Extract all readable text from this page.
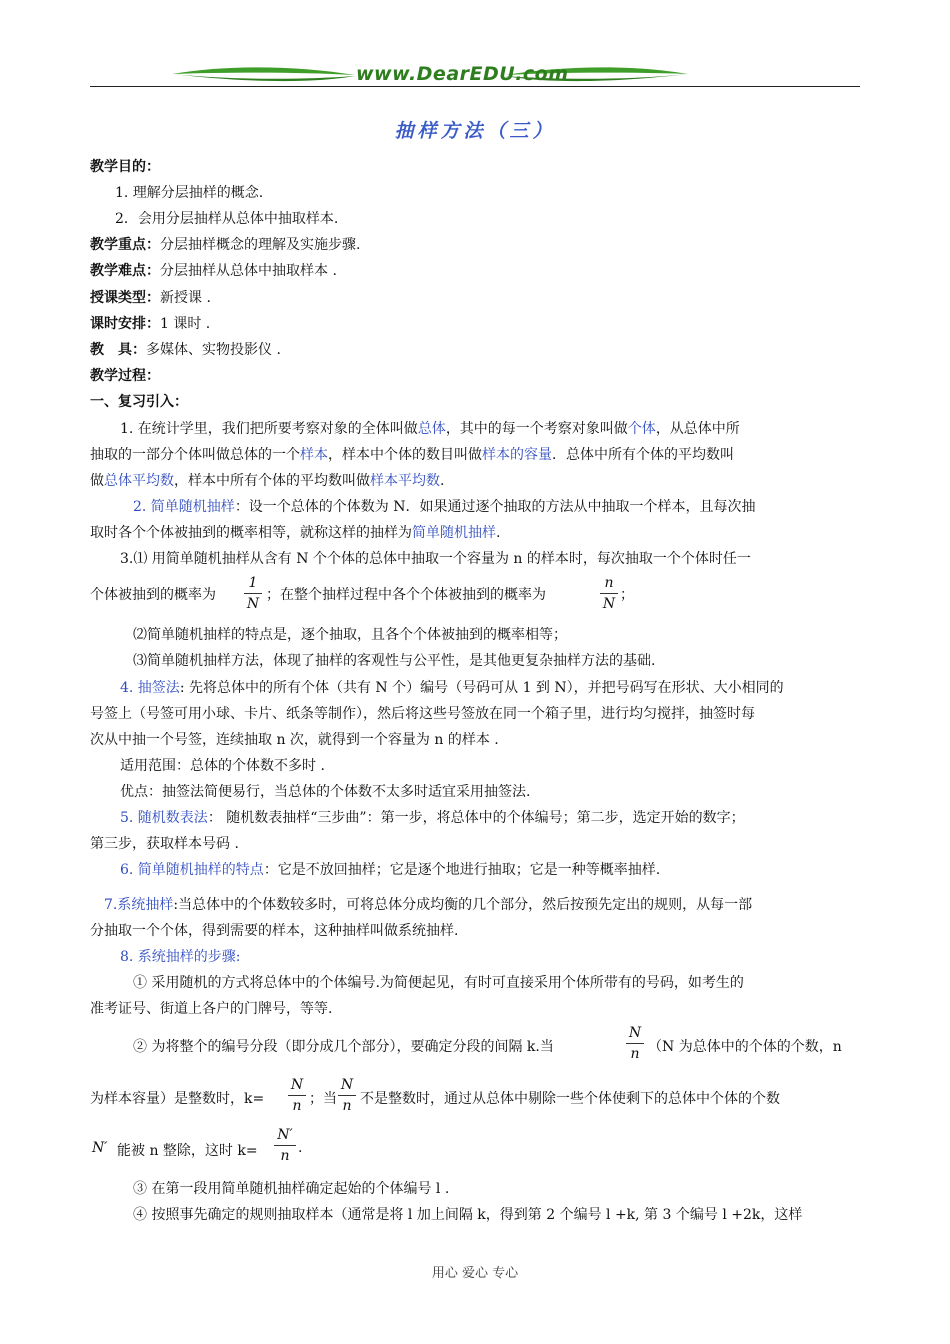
www.DearEDU.com
抽样方法（三）
教学目的：
1. 理解分层抽样的概念.
2．会用分层抽样从总体中抽取样本.
教学重点：分层抽样概念的理解及实施步骤.
教学难点：分层抽样从总体中抽取样本 .
授课类型：新授课 .
课时安排：1 课时 .
教　具：多媒体、实物投影仪 .
教学过程：
一、复习引入：
1. 在统计学里，我们把所要考察对象的全体叫做总体，其中的每一个考察对象叫做个体，从总体中所
抽取的一部分个体叫做总体的一个样本，样本中个体的数目叫做样本的容量．总体中所有个体的平均数叫
做总体平均数，样本中所有个体的平均数叫做样本平均数.
2. 简单随机抽样：设一个总体的个体数为 N．如果通过逐个抽取的方法从中抽取一个样本，且每次抽
取时各个个体被抽到的概率相等，就称这样的抽样为简单随机抽样.
3.⑴ 用简单随机抽样从含有 N 个个体的总体中抽取一个容量为 n 的样本时，每次抽取一个个体时任一
个体被抽到的概率为
1
N
；在整个抽样过程中各个个体被抽到的概率为
n
N
；
⑵简单随机抽样的特点是，逐个抽取，且各个个体被抽到的概率相等；
⑶简单随机抽样方法，体现了抽样的客观性与公平性，是其他更复杂抽样方法的基础.
4. 抽签法: 先将总体中的所有个体（共有 N 个）编号（号码可从 1 到 N），并把号码写在形状、大小相同的
号签上（号签可用小球、卡片、纸条等制作），然后将这些号签放在同一个箱子里，进行均匀搅拌，抽签时每
次从中抽一个号签，连续抽取 n 次，就得到一个容量为 n 的样本 .
适用范围：总体的个体数不多时 .
优点：抽签法简便易行，当总体的个体数不太多时适宜采用抽签法.
5. 随机数表法： 随机数表抽样“三步曲”：第一步，将总体中的个体编号；第二步，选定开始的数字；
第三步，获取样本号码 .
6. 简单随机抽样的特点：它是不放回抽样；它是逐个地进行抽取；它是一种等概率抽样.
7.系统抽样:当总体中的个体数较多时，可将总体分成均衡的几个部分，然后按预先定出的规则，从每一部
分抽取一个个体，得到需要的样本，这种抽样叫做系统抽样.
8. 系统抽样的步骤:
① 采用随机的方式将总体中的个体编号.为简便起见，有时可直接采用个体所带有的号码，如考生的
准考证号、街道上各户的门牌号，等等.
② 为将整个的编号分段（即分成几个部分），要确定分段的间隔 k.当
N
n （N 为总体中的个体的个数，n
为样本容量）是整数时，k=
N
n ；当
N
n 不是整数时，通过从总体中剔除一些个体使剩下的总体中个体的个数
N′ 能被 n 整除，这时 k=
N′
n .
③ 在第一段用简单随机抽样确定起始的个体编号 l .
④ 按照事先确定的规则抽取样本（通常是将 l 加上间隔 k，得到第 2 个编号 l +k, 第 3 个编号 l +2k，这样
用心 爱心 专心
